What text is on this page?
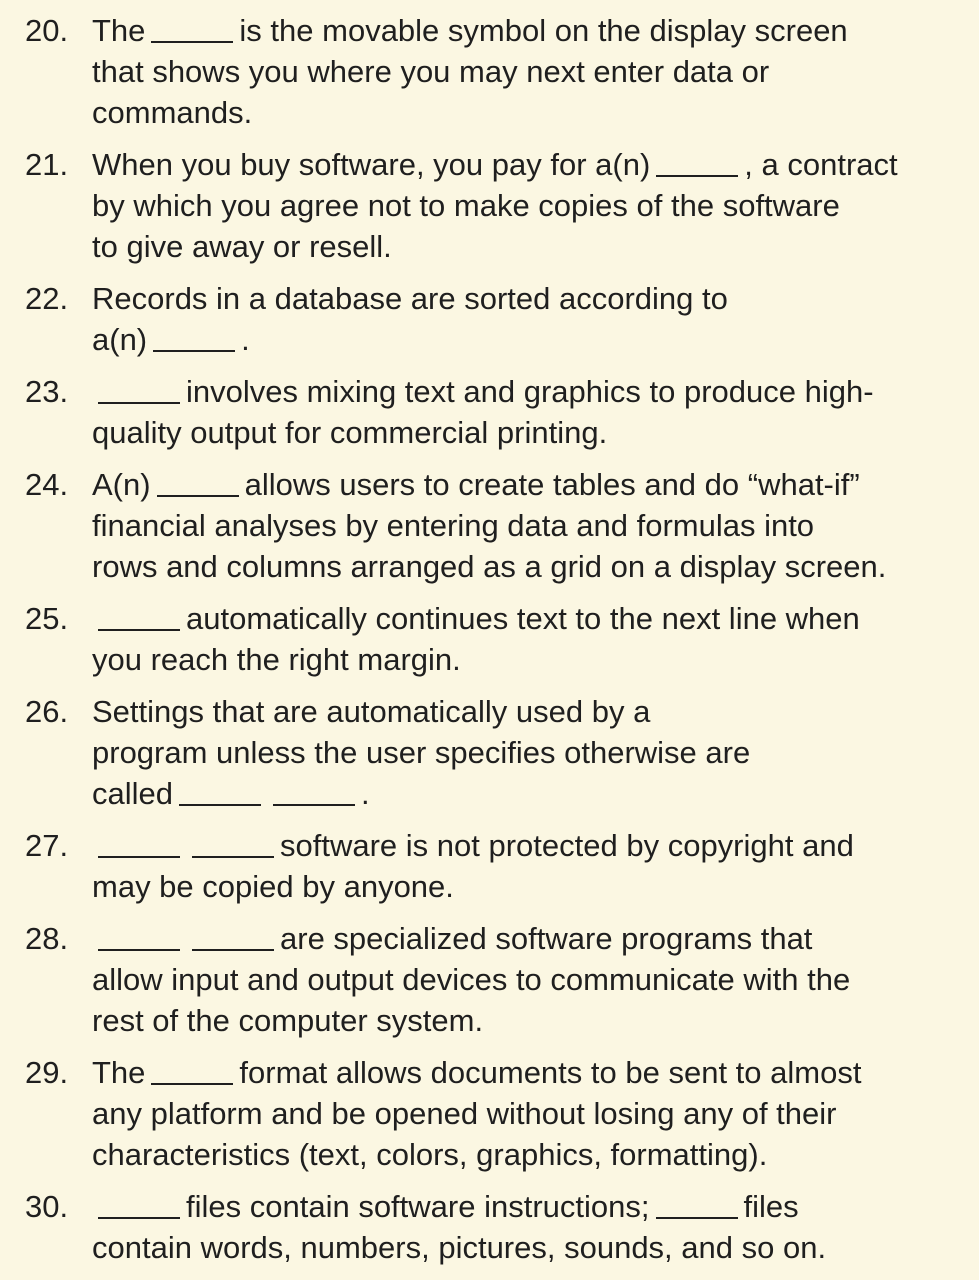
20. The	is the movable symbol on the display screen

that shows you where you may next enter data or

commands.

21. When you buy software, you pay for a(n)	, a contract

by which you agree not to make copies of the software

to give away or resell.

22. Records in a database are sorted according to

a(n)	.

23.	involves mixing text and graphics to produce high-

quality output for commercial printing.

24. A(n)	allows users to create tables and do “what-if”

financial analyses by entering data and formulas into

rows and columns arranged as a grid on a display screen.

25.	automatically continues text to the next line when

you reach the right margin.

26. Settings that are automatically used by a

program unless the user specifies otherwise are

called	.

27.	software is not protected by copyright and

may be copied by anyone.

28.	are specialized software programs that

allow input and output devices to communicate with the

rest of the computer system.

29. The	format allows documents to be sent to almost

any platform and be opened without losing any of their

characteristics (text, colors, graphics, formatting).

30.	files contain software instructions;	files

contain words, numbers, pictures, sounds, and so on.
